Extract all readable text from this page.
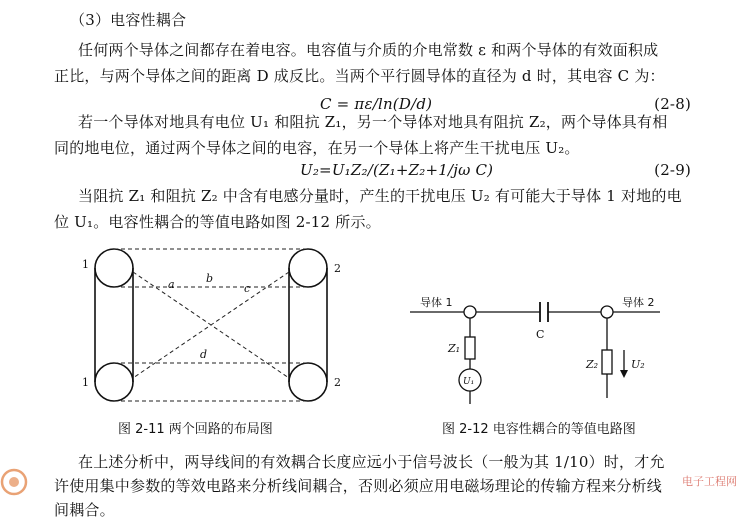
（3）电容性耦合
任何两个导体之间都存在着电容。电容值与介质的介电常数 ε 和两个导体的有效面积成
正比，与两个导体之间的距离 D 成反比。当两个平行圆导体的直径为 d 时，其电容 C 为：
C = πε/ln(D/d)	(2-8)
若一个导体对地具有电位 U₁ 和阻抗 Z₁，另一个导体对地具有阻抗 Z₂，两个导体具有相
同的地电位，通过两个导体之间的电容，在另一个导体上将产生干扰电压 U₂。
U₂=U₁Z₂/(Z₁+Z₂+1/jω C)	(2-9)
当阻抗 Z₁ 和阻抗 Z₂ 中含有电感分量时，产生的干扰电压 U₂ 有可能大于导体 1 对地的电
位 U₁。电容性耦合的等值电路如图 2-12 所示。
1
1
2
2
a	b
c
d
导体 1	导体 2
C
Z₁
U₁
Z₂	U₂
图 2-11 两个回路的布局图	图 2-12 电容性耦合的等值电路图
在上述分析中，两导线间的有效耦合长度应远小于信号波长（一般为其 1/10）时，才允
许使用集中参数的等效电路来分析线间耦合，否则必须应用电磁场理论的传输方程来分析线
间耦合。
电子工程网
